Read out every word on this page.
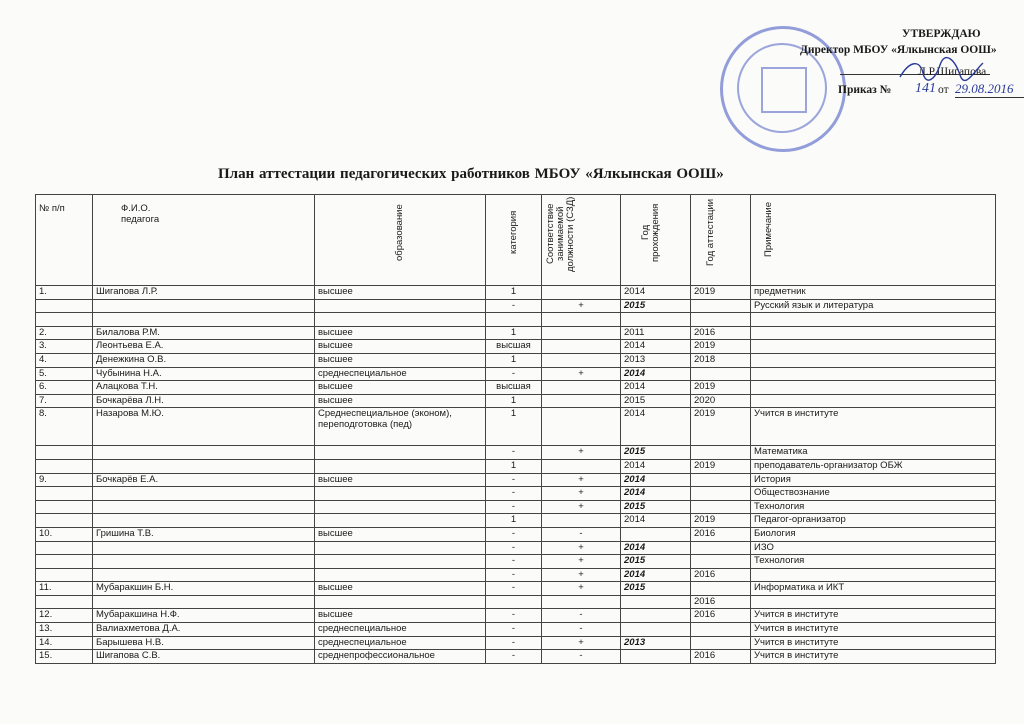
УТВЕРЖДАЮ
Директор МБОУ «Ялкынская ООШ»
Л.Р.Шигапова
Приказ № 141 от 29.08.2016
План аттестации педагогических работников МБОУ «Ялкынская ООШ»
№ п/п	Ф.И.О. педагога	образование	категория	Соответствие занимаемой должности (СЗД)	Год прохождения	Год аттестации	Примечание

1.	Шигапова Л.Р.	высшее	1		2014	2019	предметник
			-	+	2015		Русский язык и литература

2.	Билалова Р.М.	высшее	1		2011	2016	
3.	Леонтьева Е.А.	высшее	высшая		2014	2019	
4.	Денежкина О.В.	высшее	1		2013	2018	
5.	Чубынина Н.А.	среднеспециальное	-	+	2014		
6.	Алацкова Т.Н.	высшее	высшая		2014	2019	
7.	Бочкарёва Л.Н.	высшее	1		2015	2020	
8.	Назарова М.Ю.	Среднеспециальное (эконом), переподготовка (пед)	1		2014	2019	Учится в институте
			-	+	2015		Математика
			1		2014	2019	преподаватель-организатор ОБЖ
9.	Бочкарёв Е.А.	высшее	-	+	2014		История
			-	+	2014		Обществознание
			-	+	2015		Технология
			1		2014	2019	Педагог-организатор
10.	Гришина Т.В.	высшее	-	-		2016	Биология
			-	+	2014		ИЗО
			-	+	2015		Технология
			-	+	2014	2016	
11.	Мубаракшин Б.Н.	высшее	-	+	2015		Информатика и ИКТ
						2016	
12.	Мубаракшина Н.Ф.	высшее	-	-		2016	Учится в институте
13.	Валиахметова Д.А.	среднеспециальное	-	-			Учится в институте
14.	Барышева Н.В.	среднеспециальное	-	+	2013		Учится в институте
15.	Шигапова С.В.	среднепрофессиональное	-	-		2016	Учится в институте
